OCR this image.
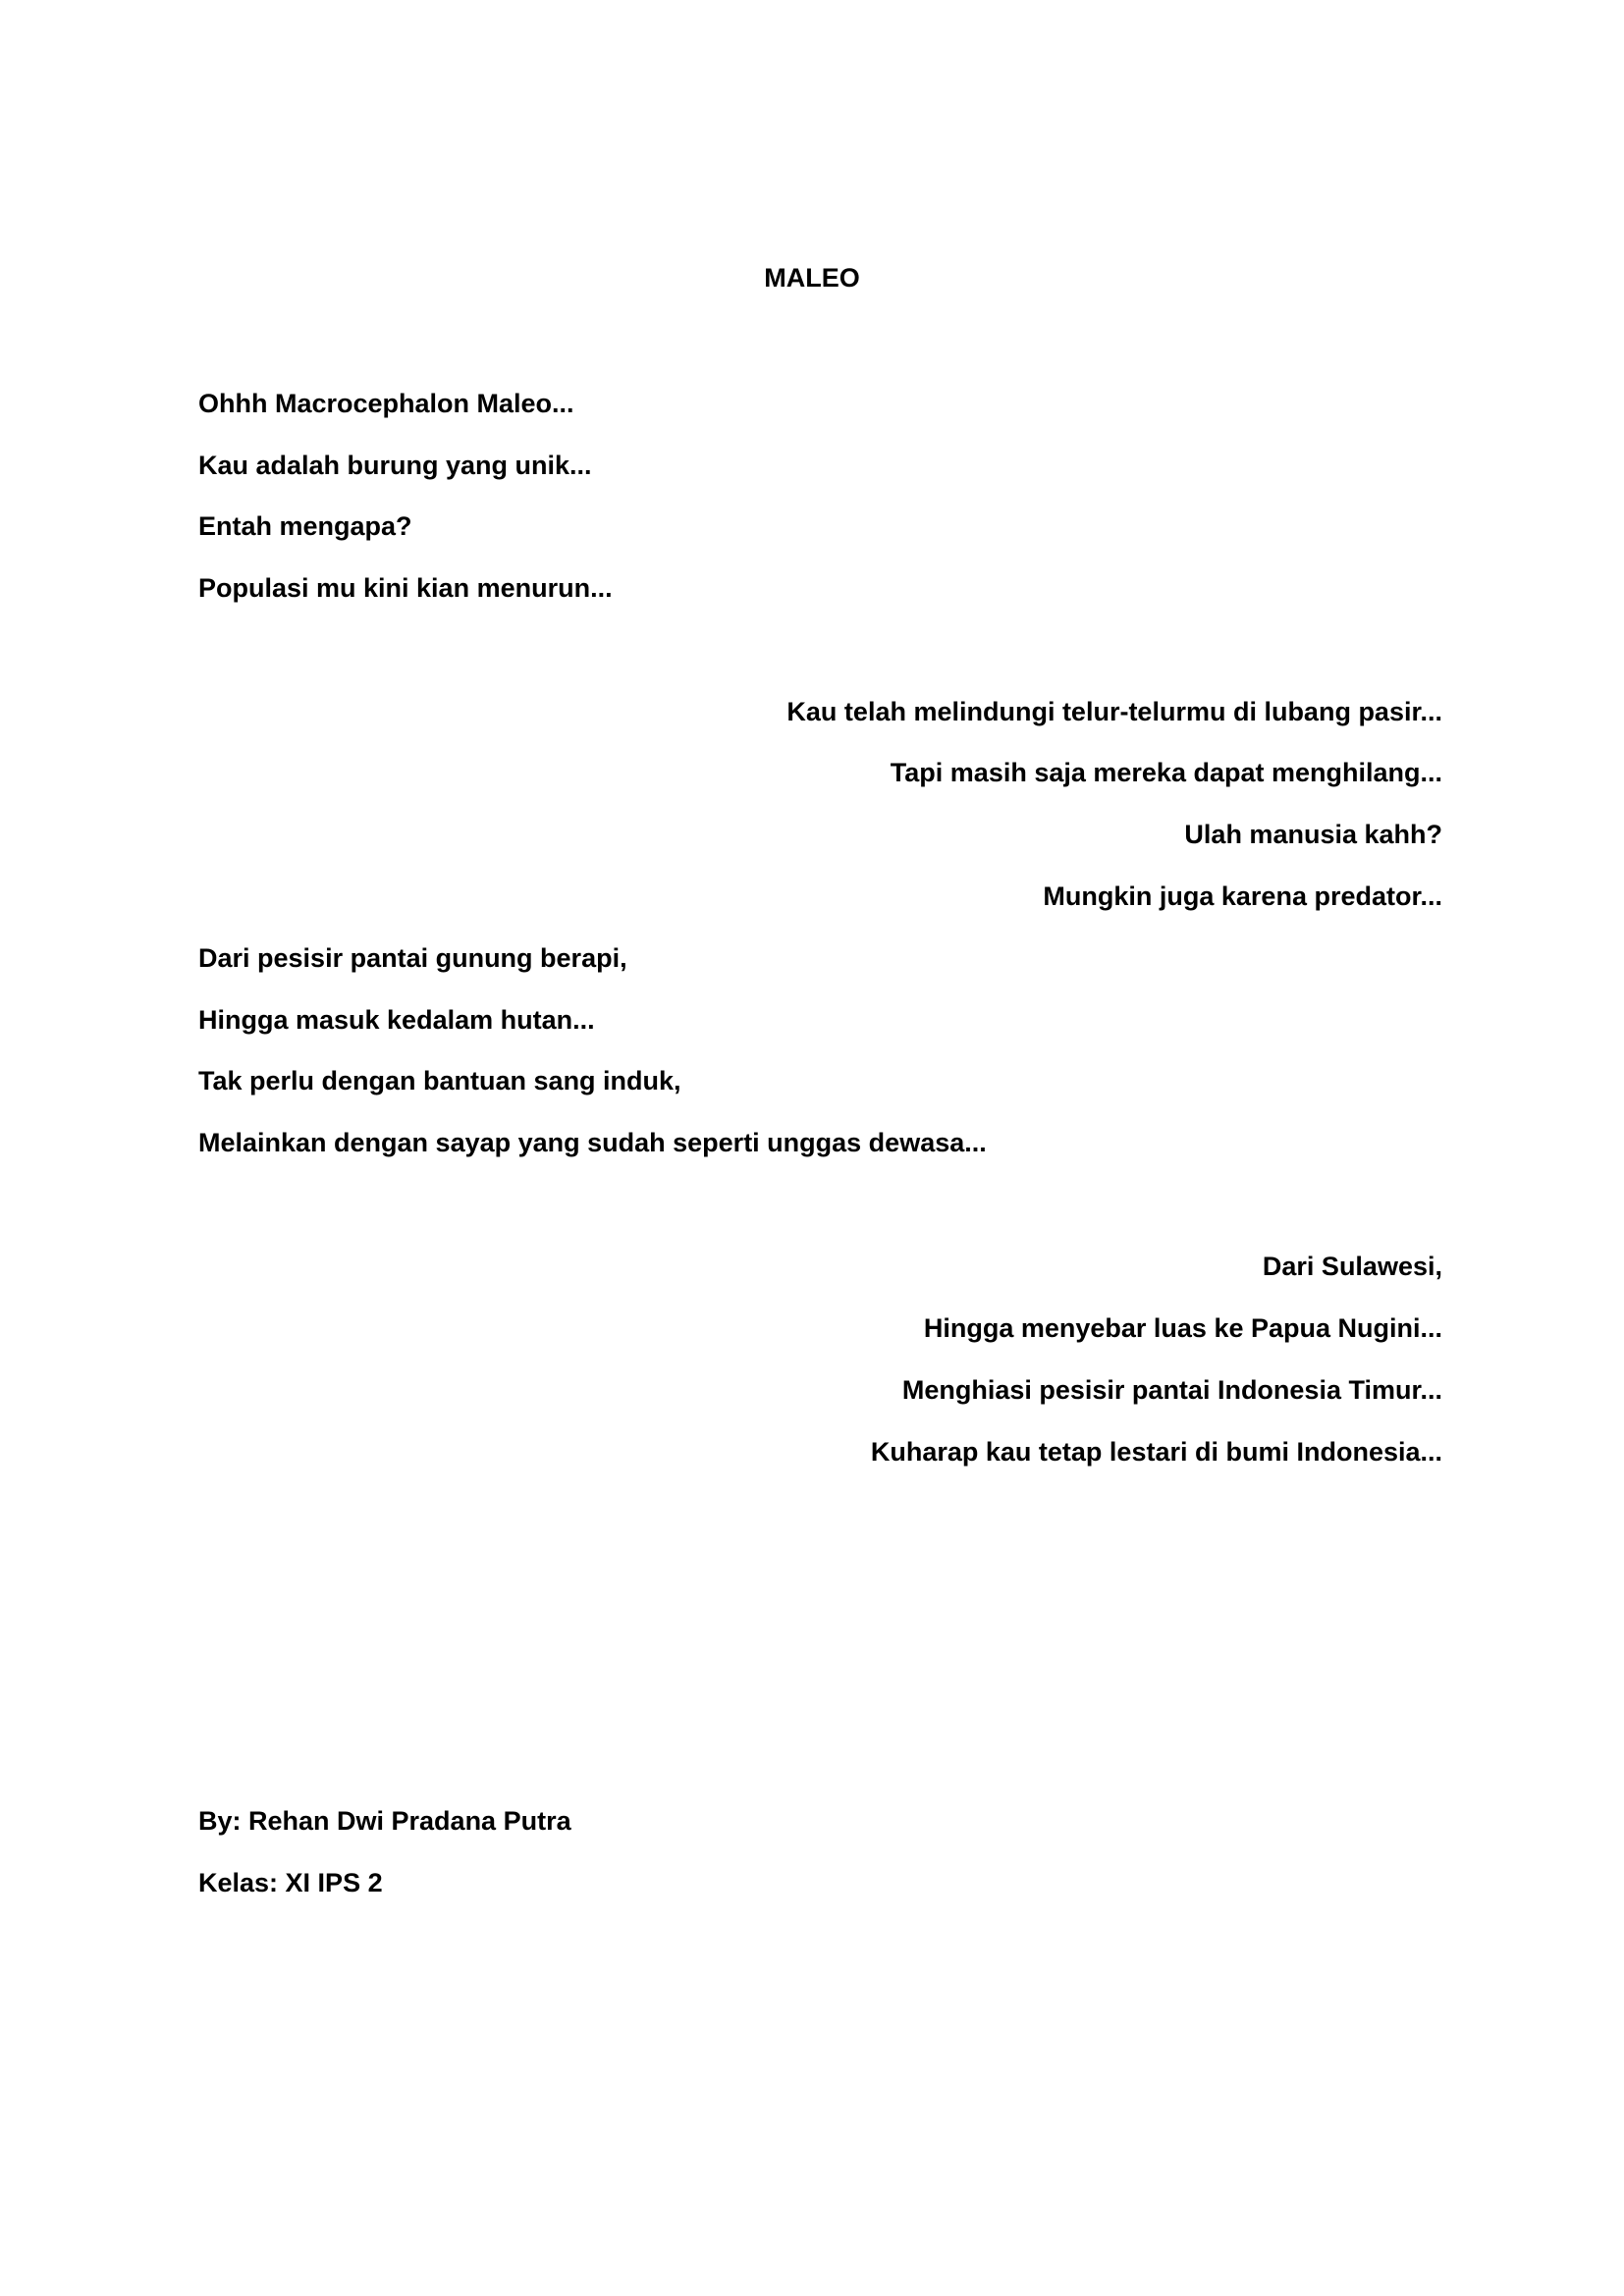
MALEO

Ohhh Macrocephalon Maleo...

Kau adalah burung yang unik...

Entah mengapa?

Populasi mu kini kian menurun...

Kau telah melindungi telur-telurmu di lubang pasir...

Tapi masih saja mereka dapat menghilang...

Ulah manusia kahh?

Mungkin juga karena predator...

Dari pesisir pantai gunung berapi,

Hingga masuk kedalam hutan...

Tak perlu dengan bantuan sang induk,

Melainkan dengan sayap yang sudah seperti unggas dewasa...

Dari Sulawesi,

Hingga menyebar luas ke Papua Nugini...

Menghiasi pesisir pantai Indonesia Timur...

Kuharap kau tetap lestari di bumi Indonesia...

By: Rehan Dwi Pradana Putra

Kelas: XI IPS 2
